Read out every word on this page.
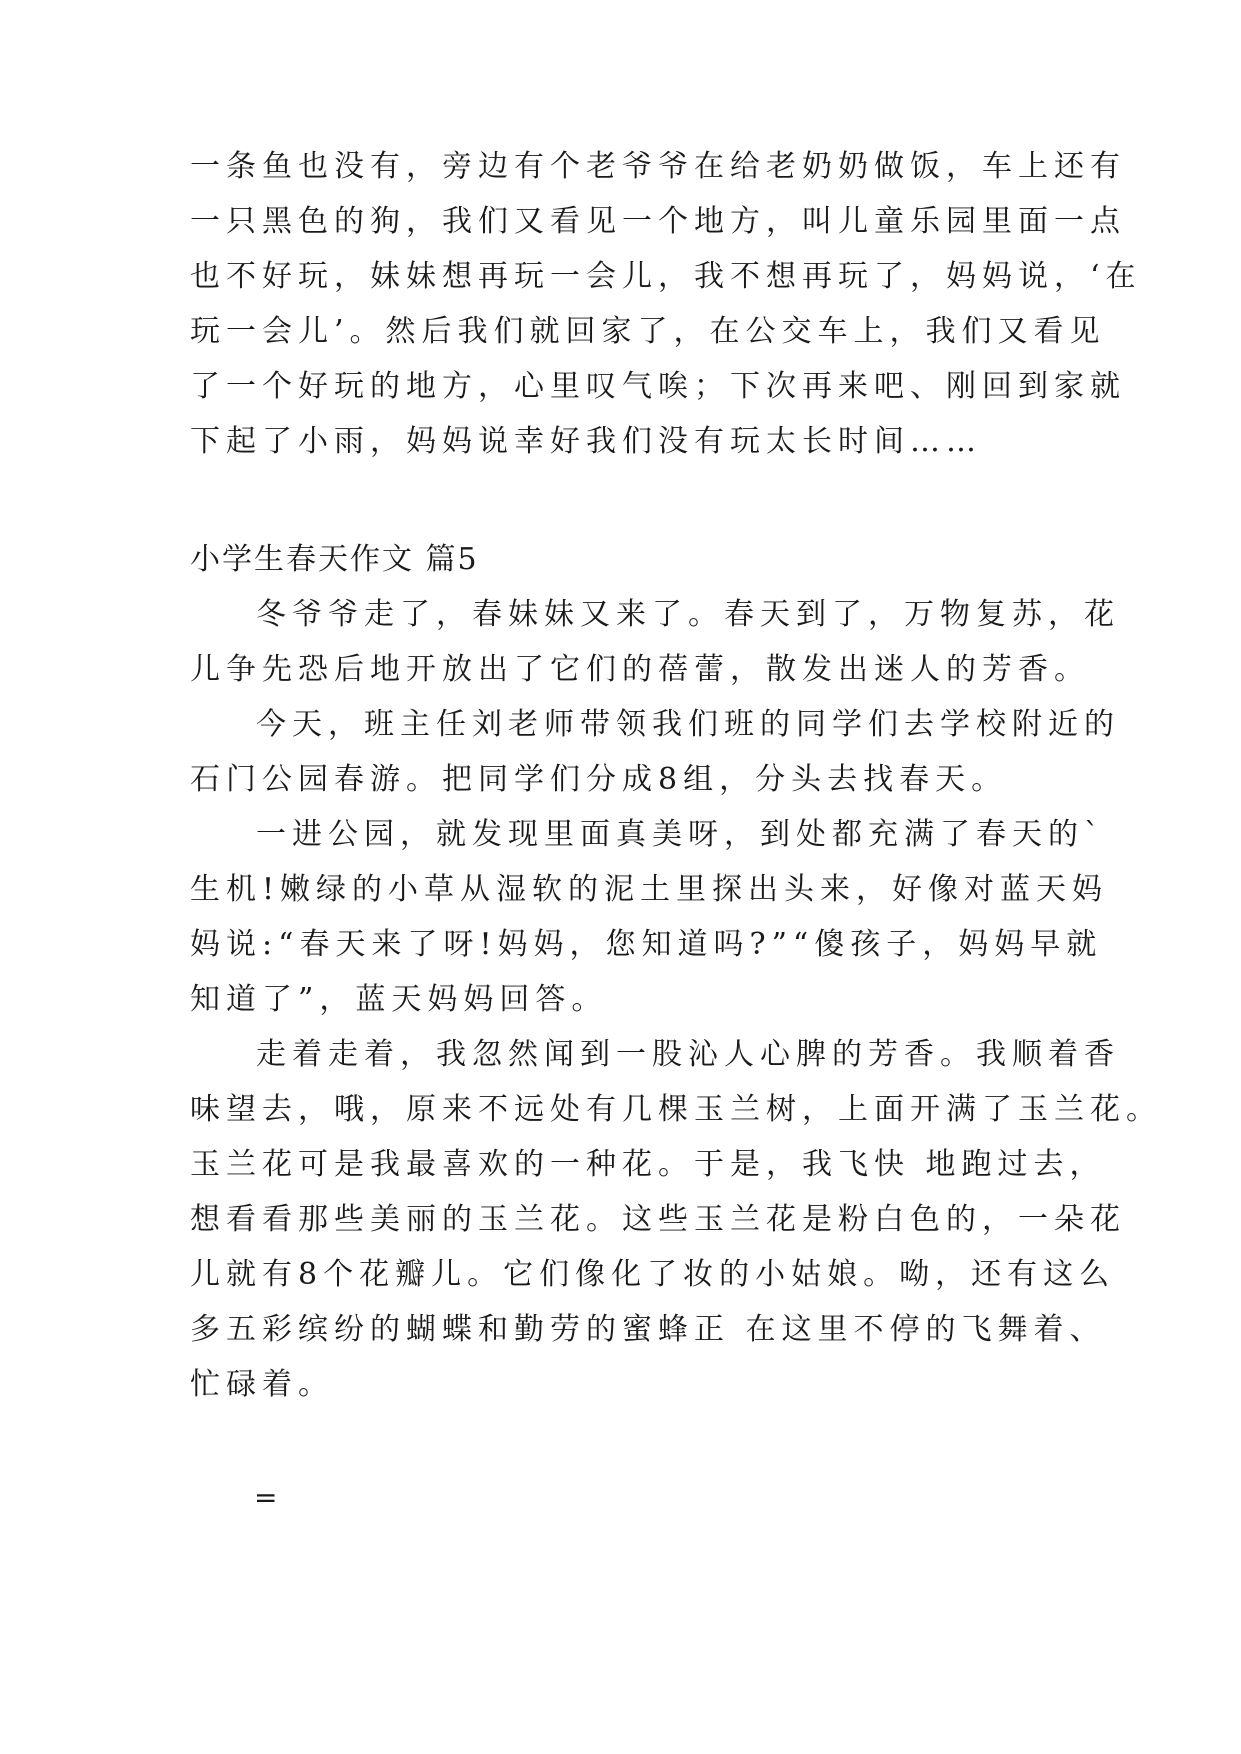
一条鱼也没有，旁边有个老爷爷在给老奶奶做饭，车上还有
一只黑色的狗，我们又看见一个地方，叫儿童乐园里面一点
也不好玩，妹妹想再玩一会儿，我不想再玩了，妈妈说，‘在
玩一会儿’。然后我们就回家了，在公交车上，我们又看见
了一个好玩的地方，心里叹气唉；下次再来吧、刚回到家就
下起了小雨，妈妈说幸好我们没有玩太长时间……
小学生春天作文 篇5
冬爷爷走了，春妹妹又来了。春天到了，万物复苏，花
儿争先恐后地开放出了它们的蓓蕾，散发出迷人的芳香。
今天，班主任刘老师带领我们班的同学们去学校附近的
石门公园春游。把同学们分成8组，分头去找春天。
一进公园，就发现里面真美呀，到处都充满了春天的`
生机!嫩绿的小草从湿软的泥土里探出头来，好像对蓝天妈
妈说:“春天来了呀!妈妈，您知道吗?”“傻孩子，妈妈早就
知道了”，蓝天妈妈回答。
走着走着，我忽然闻到一股沁人心脾的芳香。我顺着香
味望去，哦，原来不远处有几棵玉兰树，上面开满了玉兰花。
玉兰花可是我最喜欢的一种花。于是，我飞快 地跑过去，
想看看那些美丽的玉兰花。这些玉兰花是粉白色的，一朵花
儿就有8个花瓣儿。它们像化了妆的小姑娘。呦，还有这么
多五彩缤纷的蝴蝶和勤劳的蜜蜂正 在这里不停的飞舞着、
忙碌着。
=
